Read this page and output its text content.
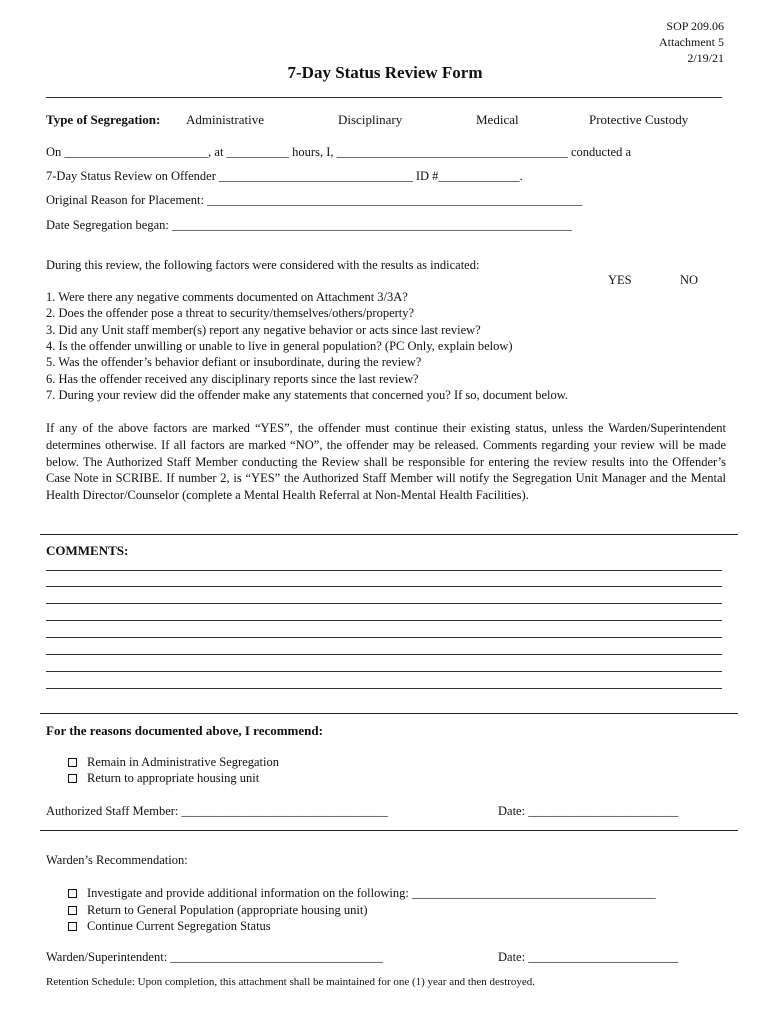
SOP 209.06
Attachment 5
2/19/21
7-Day Status Review Form
Type of Segregation: Administrative	Disciplinary	Medical	Protective Custody
On _______________________, at __________ hours, I, _____________________________________ conducted a
7-Day Status Review on Offender _______________________________ ID #_____________.
Original Reason for Placement: ____________________________________________________________
Date Segregation began: ________________________________________________________________
During this review, the following factors were considered with the results as indicated:
YES	NO
1. Were there any negative comments documented on Attachment 3/3A?
2. Does the offender pose a threat to security/themselves/others/property?
3. Did any Unit staff member(s) report any negative behavior or acts since last review?
4. Is the offender unwilling or unable to live in general population? (PC Only, explain below)
5. Was the offender’s behavior defiant or insubordinate, during the review?
6. Has the offender received any disciplinary reports since the last review?
7. During your review did the offender make any statements that concerned you? If so, document below.
If any of the above factors are marked “YES”, the offender must continue their existing status, unless the Warden/Superintendent determines otherwise. If all factors are marked “NO”, the offender may be released. Comments regarding your review will be made below. The Authorized Staff Member conducting the Review shall be responsible for entering the review results into the Offender’s Case Note in SCRIBE. If number 2, is “YES” the Authorized Staff Member will notify the Segregation Unit Manager and the Mental Health Director/Counselor (complete a Mental Health Referral at Non-Mental Health Facilities).
COMMENTS:
For the reasons documented above, I recommend:
Remain in Administrative Segregation
Return to appropriate housing unit
Authorized Staff Member: _________________________________	Date: ________________________
Warden’s Recommendation:
Investigate and provide additional information on the following: _______________________________________
Return to General Population (appropriate housing unit)
Continue Current Segregation Status
Warden/Superintendent: __________________________________	Date: ________________________
Retention Schedule: Upon completion, this attachment shall be maintained for one (1) year and then destroyed.
